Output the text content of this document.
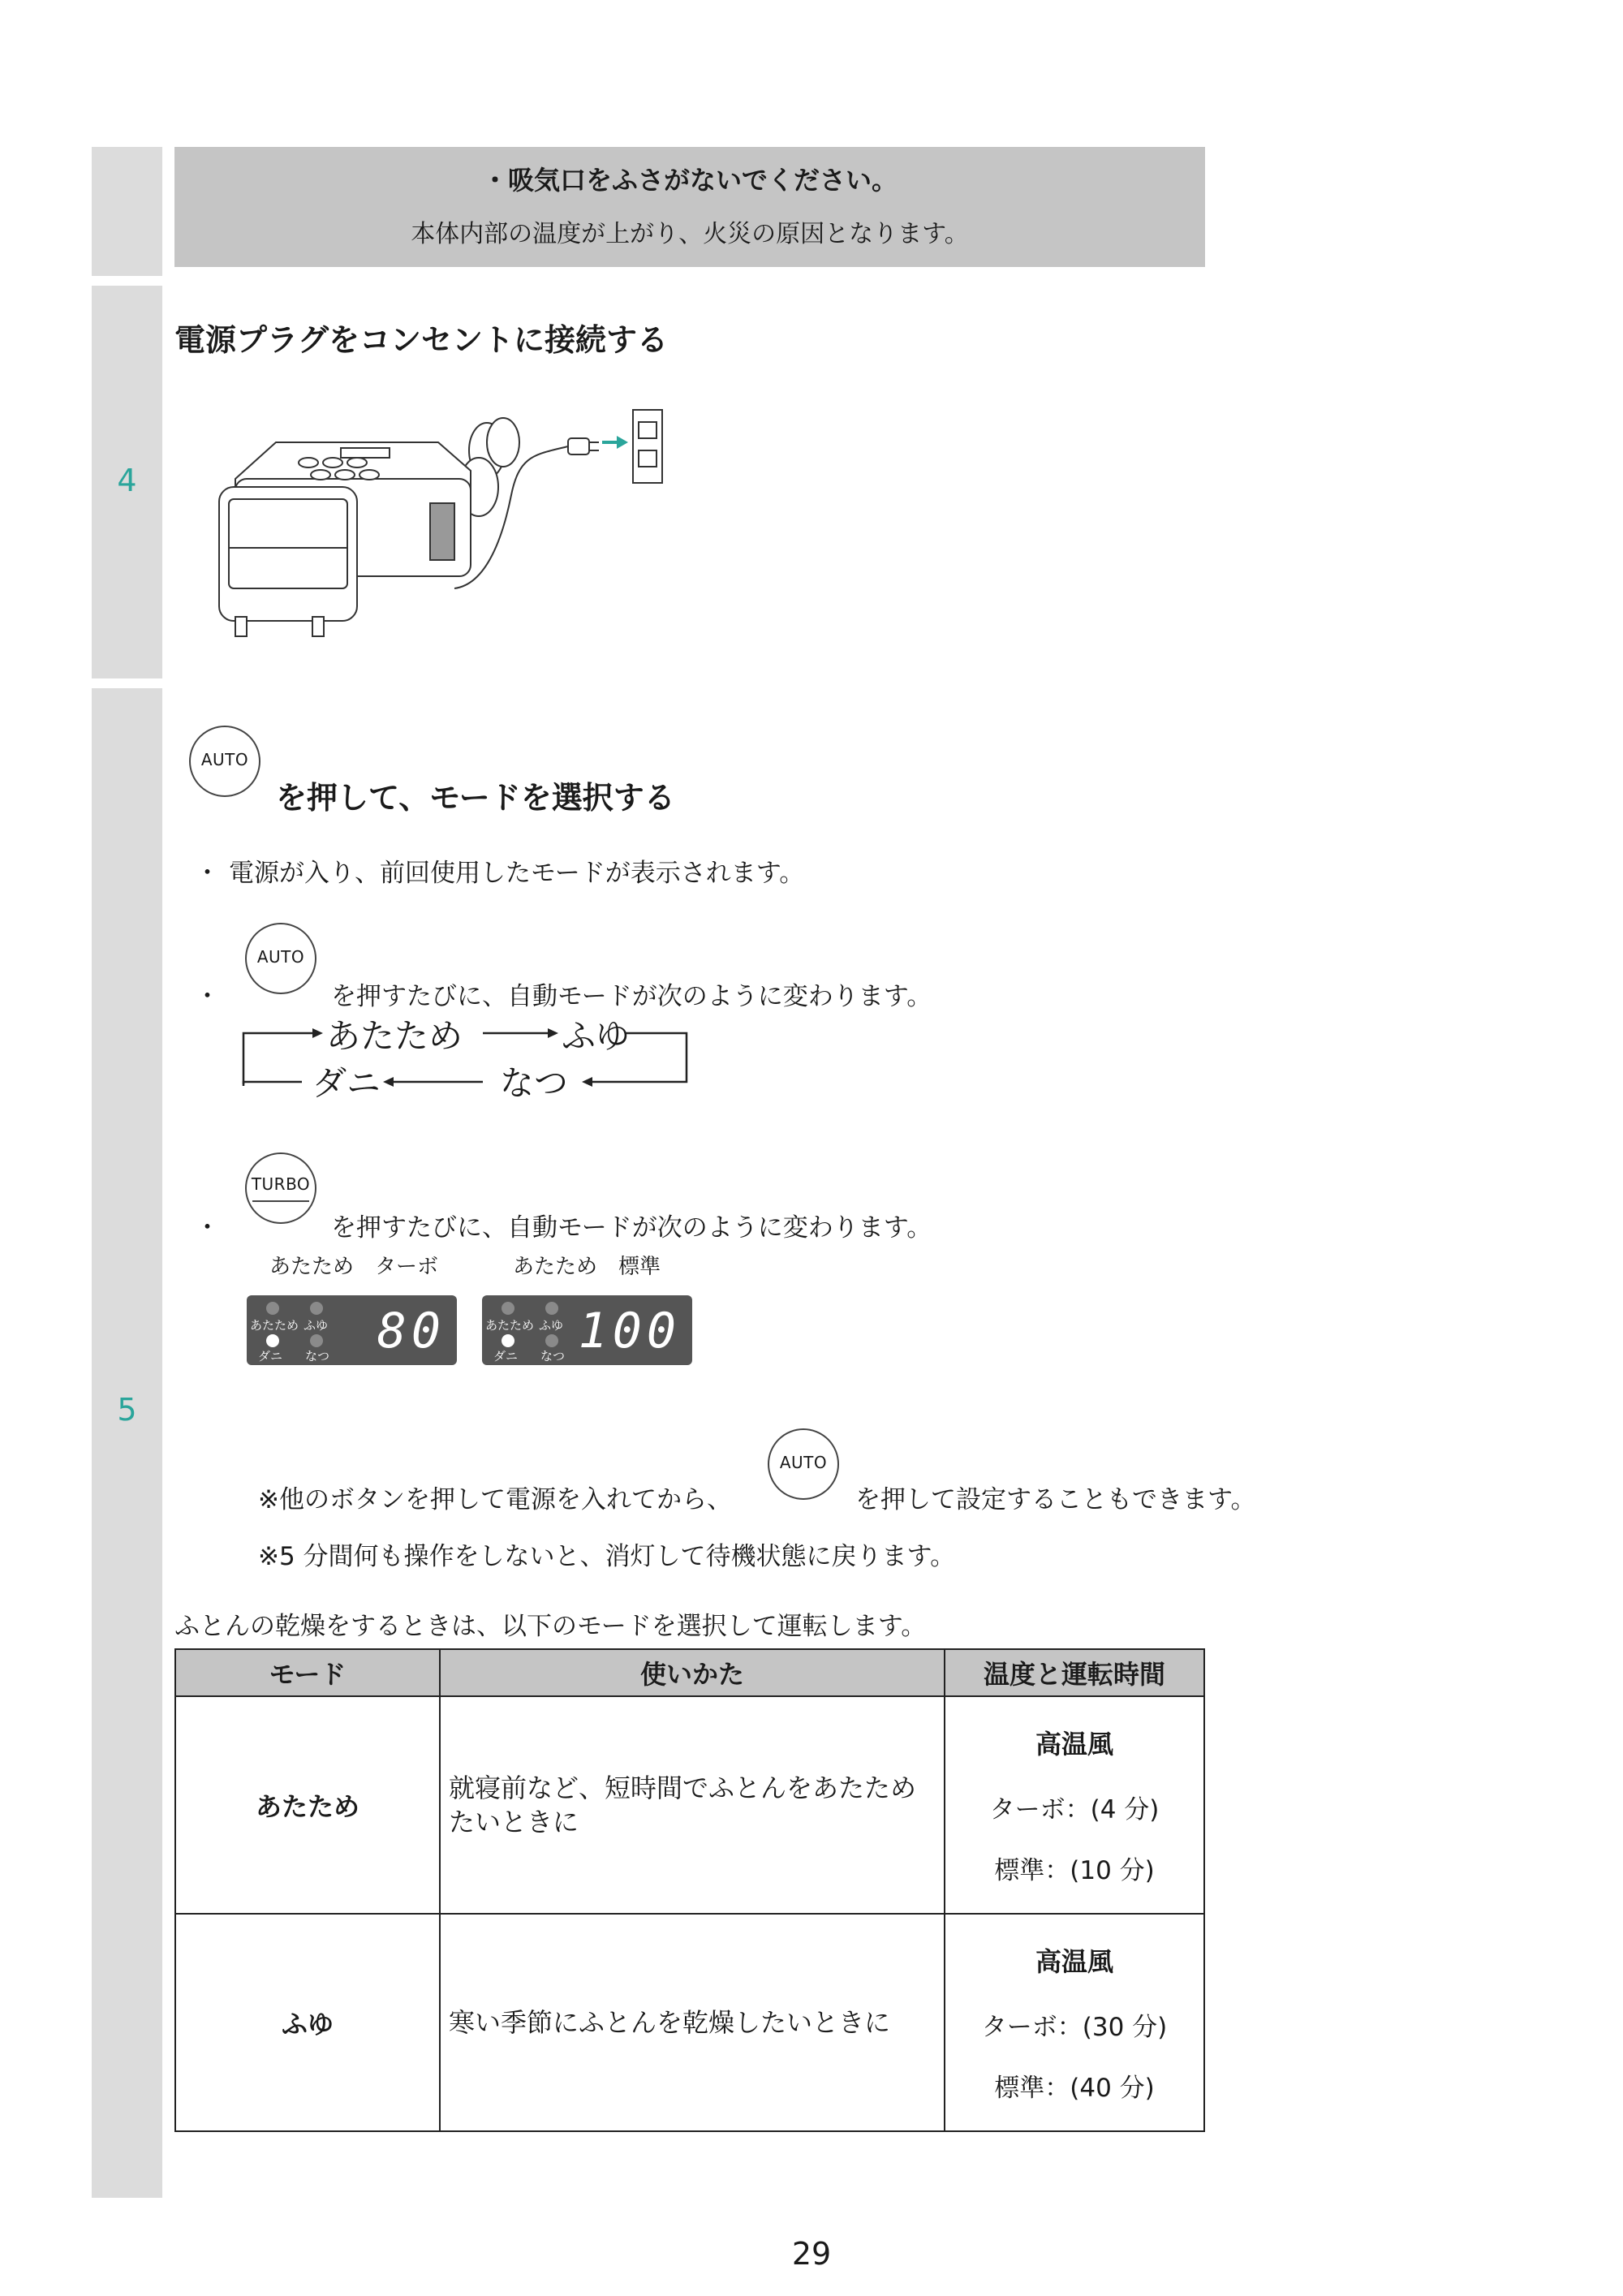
・吸気口をふさがないでください。
本体内部の温度が上がり、火災の原因となります。
4
電源プラグをコンセントに接続する
5
AUTO
を押して、モードを選択する
・ 電源が入り、前回使用したモードが表示されます。
AUTO
・	を押すたびに、自動モードが次のように変わります。
あたため	ふゆ
なつ
ダニ
TURBO
・	を押すたびに、自動モードが次のように変わります。
あたため　ターボ	あたため　標準
あたため ふゆ
ダニ なつ 80	あたため ふゆ
ダニ なつ 100
※他のボタンを押して電源を入れてから、
AUTO
を押して設定することもできます。
※5 分間何も操作をしないと、消灯して待機状態に戻ります。
ふとんの乾燥をするときは、以下のモードを選択して運転します。
モード	使いかた	温度と運転時間
あたため	就寝前など、短時間でふとんをあたためたいときに	高温風
ターボ：(4 分)
標準：(10 分)

ふゆ	寒い季節にふとんを乾燥したいときに	高温風
ターボ：(30 分)
標準：(40 分)
29
